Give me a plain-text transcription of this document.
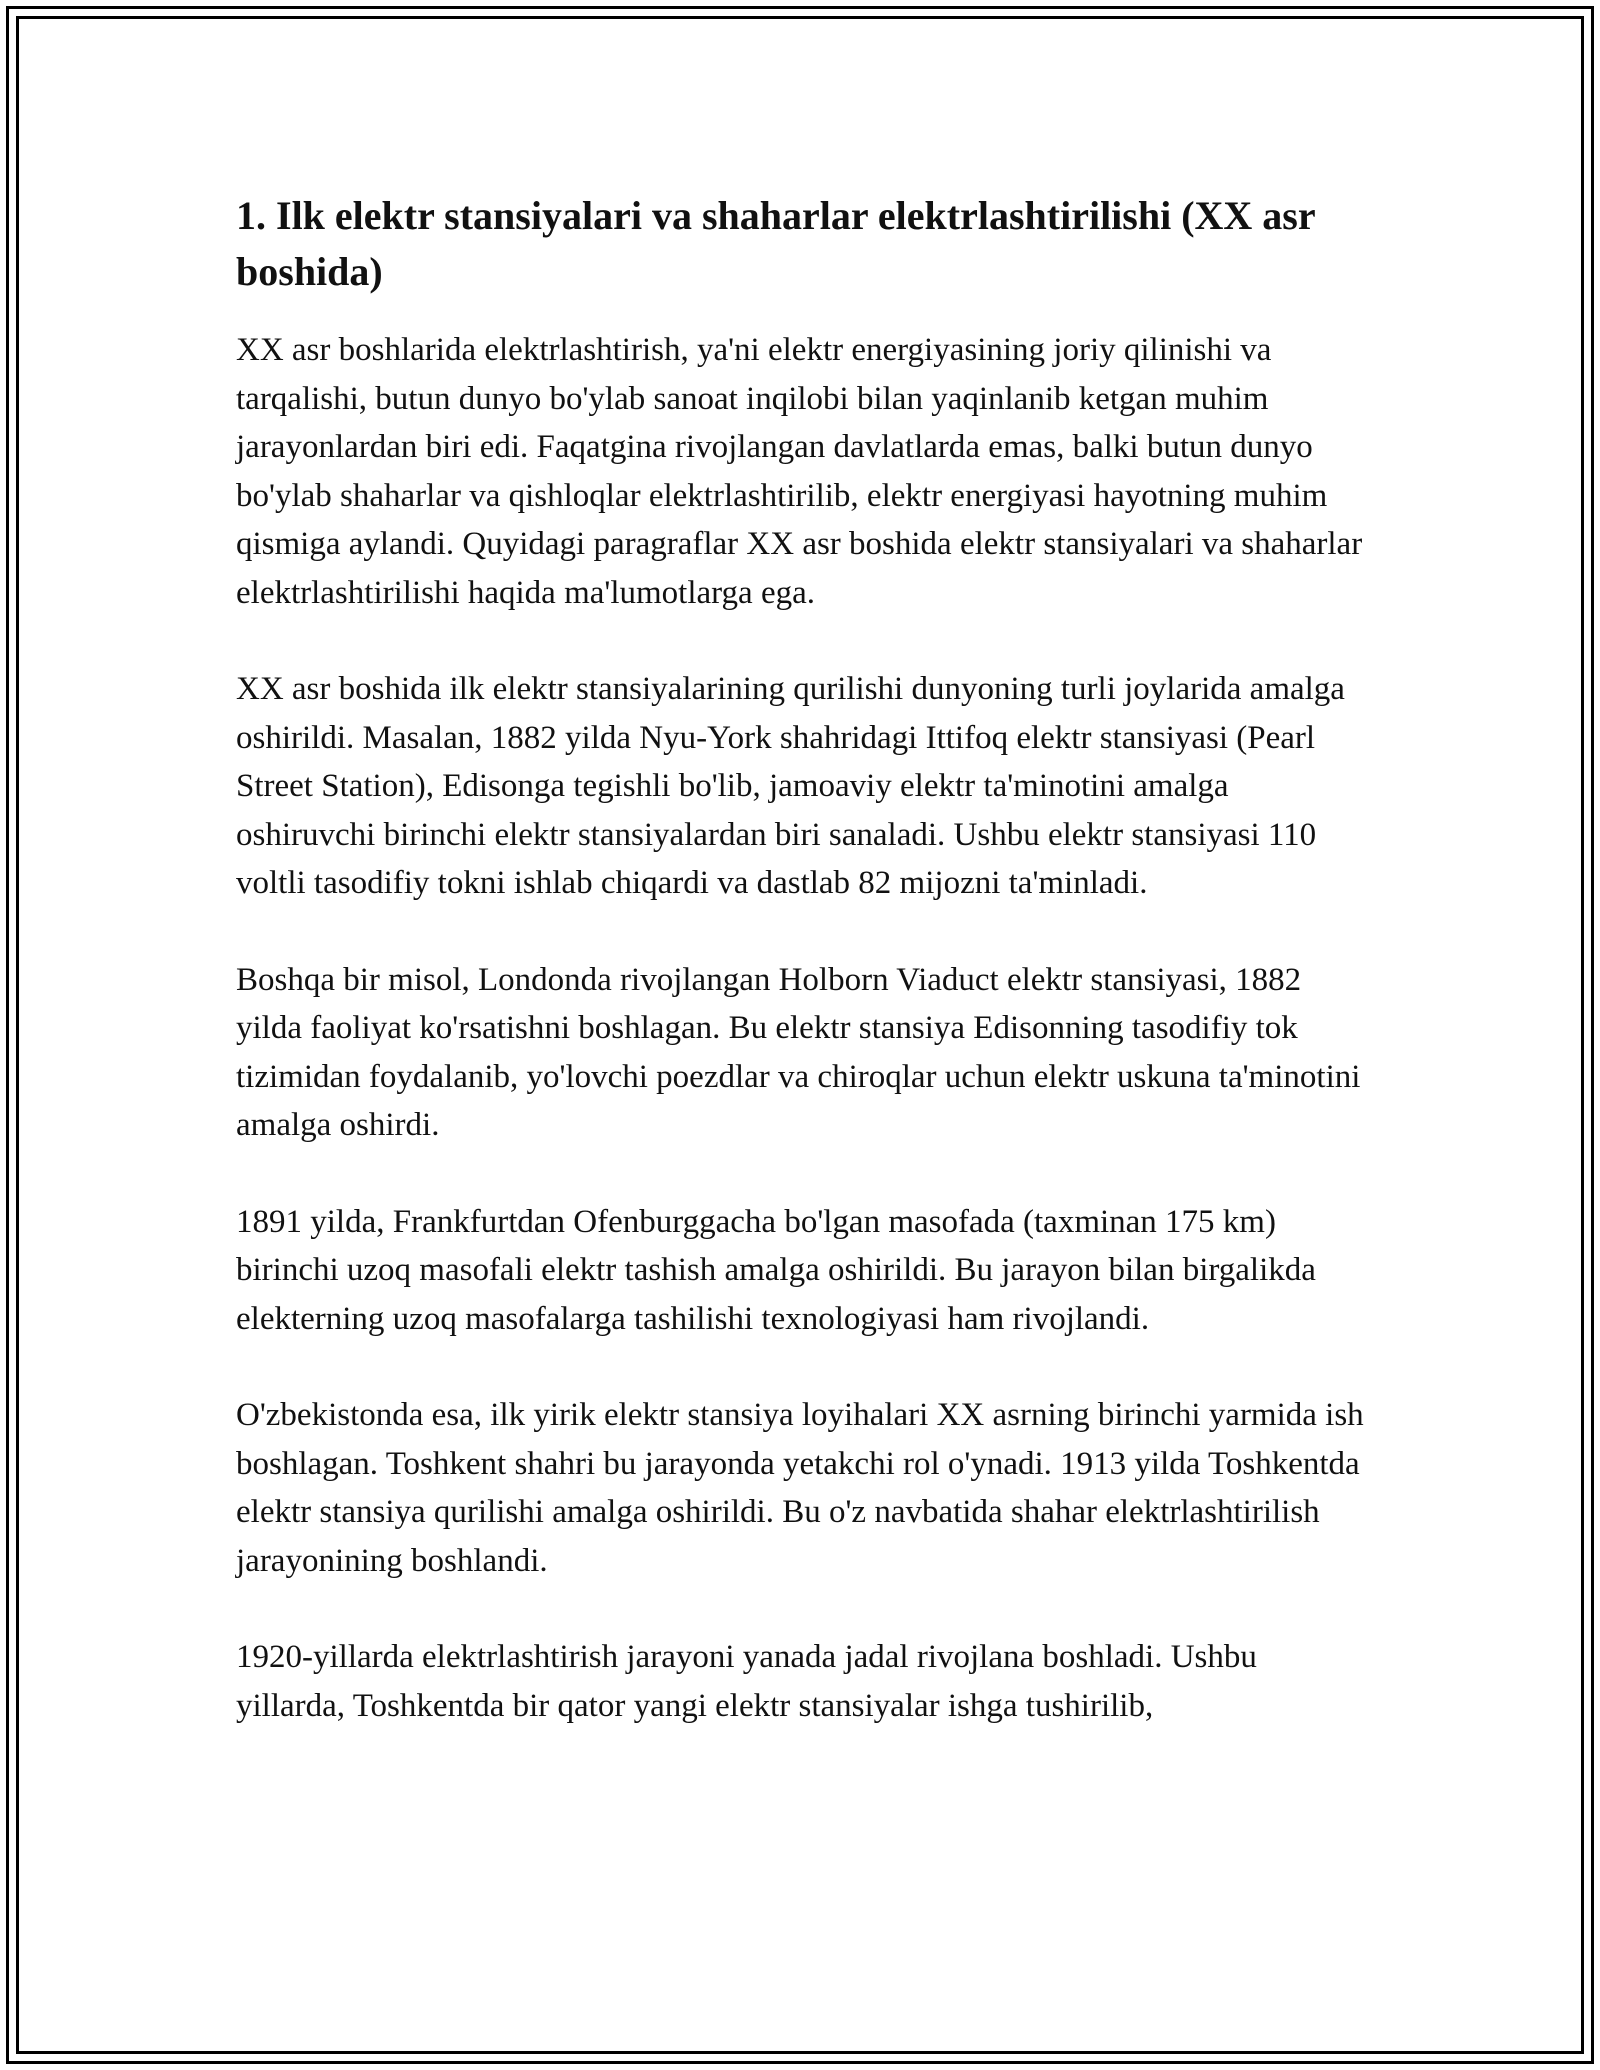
1. Ilk elektr stansiyalari va shaharlar elektrlashtirilishi (XX asr boshida)

XX asr boshlarida elektrlashtirish, ya'ni elektr energiyasining joriy qilinishi va tarqalishi, butun dunyo bo'ylab sanoat inqilobi bilan yaqinlanib ketgan muhim jarayonlardan biri edi. Faqatgina rivojlangan davlatlarda emas, balki butun dunyo bo'ylab shaharlar va qishloqlar elektrlashtirilib, elektr energiyasi hayotning muhim qismiga aylandi. Quyidagi paragraflar XX asr boshida elektr stansiyalari va shaharlar elektrlashtirilishi haqida ma'lumotlarga ega.

XX asr boshida ilk elektr stansiyalarining qurilishi dunyoning turli joylarida amalga oshirildi. Masalan, 1882 yilda Nyu-York shahridagi Ittifoq elektr stansiyasi (Pearl Street Station), Edisonga tegishli bo'lib, jamoaviy elektr ta'minotini amalga oshiruvchi birinchi elektr stansiyalardan biri sanaladi. Ushbu elektr stansiyasi 110 voltli tasodifiy tokni ishlab chiqardi va dastlab 82 mijozni ta'minladi.

Boshqa bir misol, Londonda rivojlangan Holborn Viaduct elektr stansiyasi, 1882 yilda faoliyat ko'rsatishni boshlagan. Bu elektr stansiya Edisonning tasodifiy tok tizimidan foydalanib, yo'lovchi poezdlar va chiroqlar uchun elektr uskuna ta'minotini amalga oshirdi.

1891 yilda, Frankfurtdan Ofenburggacha bo'lgan masofada (taxminan 175 km) birinchi uzoq masofali elektr tashish amalga oshirildi. Bu jarayon bilan birgalikda elekterning uzoq masofalarga tashilishi texnologiyasi ham rivojlandi.

O'zbekistonda esa, ilk yirik elektr stansiya loyihalari XX asrning birinchi yarmida ish boshlagan. Toshkent shahri bu jarayonda yetakchi rol o'ynadi. 1913 yilda Toshkentda elektr stansiya qurilishi amalga oshirildi. Bu o'z navbatida shahar elektrlashtirilish jarayonining boshlandi.

1920-yillarda elektrlashtirish jarayoni yanada jadal rivojlana boshladi. Ushbu yillarda, Toshkentda bir qator yangi elektr stansiyalar ishga tushirilib,
